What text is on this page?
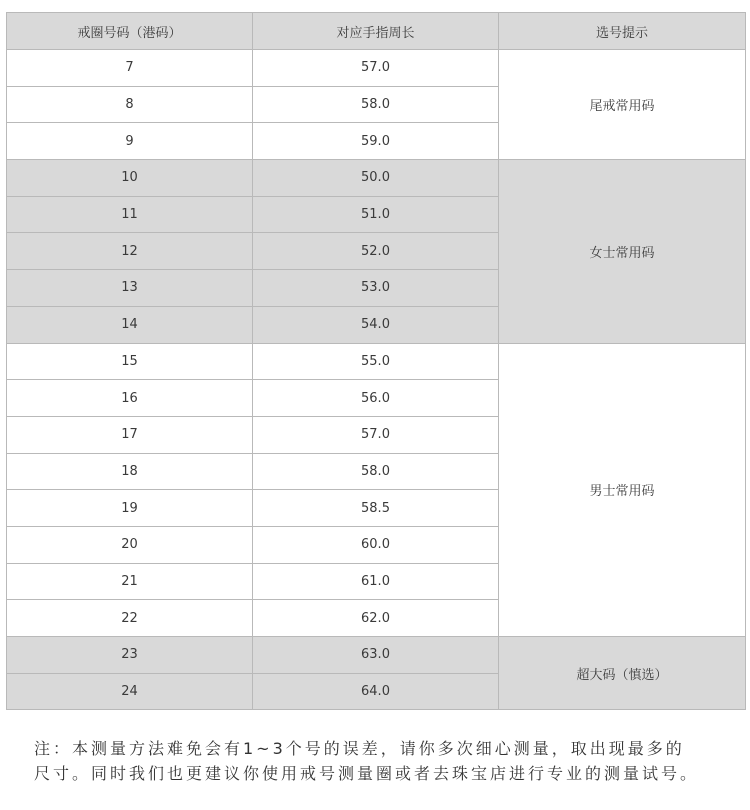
戒圈号码（港码）	对应手指周长	选号提示
7	57.0	尾戒常用码
8	58.0	
9	59.0	
10	50.0	女士常用码
11	51.0	
12	52.0	
13	53.0	
14	54.0	
15	55.0	男士常用码
16	56.0	
17	57.0	
18	58.0	
19	58.5	
20	60.0	
21	61.0	
22	62.0	
23	63.0	超大码（慎选）
24	64.0	

注：本测量方法难免会有1~3个号的误差，请你多次细心测量，取出现最多的

尺寸。同时我们也更建议你使用戒号测量圈或者去珠宝店进行专业的测量试号。
